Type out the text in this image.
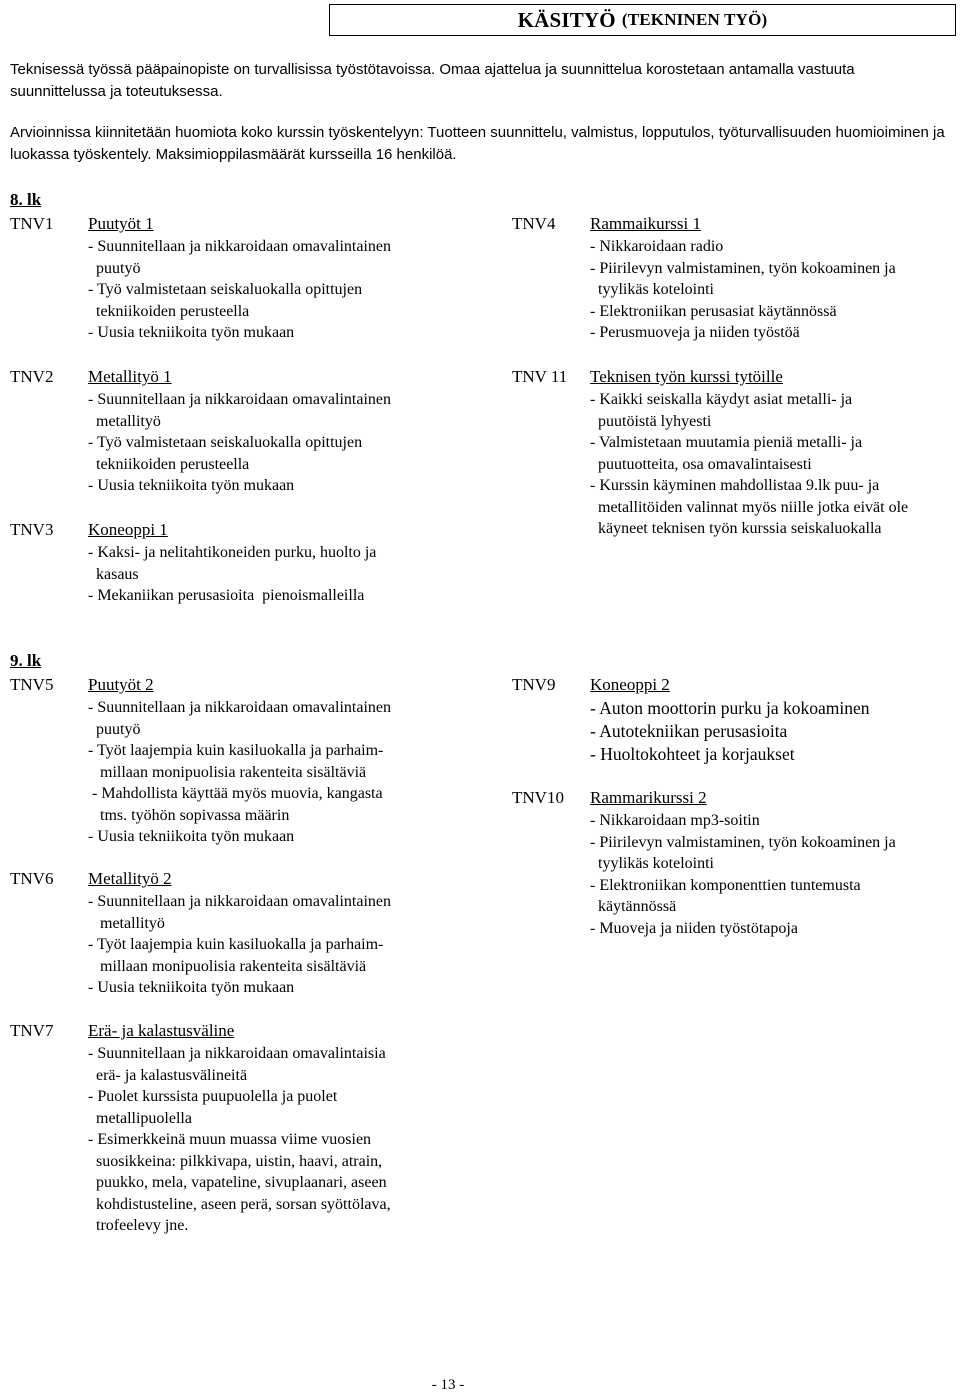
KÄSITYÖ (TEKNINEN TYÖ)
Teknisessä työssä pääpainopiste on turvallisissa työstötavoissa. Omaa ajattelua ja suunnittelua korostetaan antamalla vastuuta suunnittelussa ja toteutuksessa.
Arvioinnissa kiinnitetään huomiota koko kurssin työskentelyyn: Tuotteen suunnittelu, valmistus, lopputulos, työturvallisuuden huomioiminen ja luokassa työskentely. Maksimioppilasmäärät kursseilla 16 henkilöä.
8. lk
TNV1 Puutyöt 1
- Suunnitellaan ja nikkaroidaan omavalintainen
puutyö
- Työ valmistetaan seiskaluokalla opittujen
tekniikoiden perusteella
- Uusia tekniikoita työn mukaan
TNV4 Rammaikurssi 1
- Nikkaroidaan radio
- Piirilevyn valmistaminen, työn kokoaminen ja
tyylikäs kotelointi
- Elektroniikan perusasiat käytännössä
- Perusmuoveja ja niiden työstöä
TNV2 Metallityö 1
- Suunnitellaan ja nikkaroidaan omavalintainen
metallityö
- Työ valmistetaan seiskaluokalla opittujen
tekniikoiden perusteella
- Uusia tekniikoita työn mukaan
TNV 11 Teknisen työn kurssi tytöille
- Kaikki seiskalla käydyt asiat metalli- ja
puutöistä lyhyesti
- Valmistetaan muutamia pieniä metalli- ja
puutuotteita, osa omavalintaisesti
- Kurssin käyminen mahdollistaa 9.lk puu- ja
metallitöiden valinnat myös niille jotka eivät ole
käyneet teknisen työn kurssia seiskaluokalla
TNV3 Koneoppi 1
- Kaksi- ja nelitahtikoneiden purku, huolto ja
kasaus
- Mekaniikan perusasioita  pienoismalleilla
9. lk
TNV5 Puutyöt 2
- Suunnitellaan ja nikkaroidaan omavalintainen
puutyö
- Työt laajempia kuin kasiluokalla ja parhaim-
millaan monipuolisia rakenteita sisältäviä
- Mahdollista käyttää myös muovia, kangasta
tms. työhön sopivassa määrin
- Uusia tekniikoita työn mukaan
TNV9 Koneoppi 2
- Auton moottorin purku ja kokoaminen
- Autotekniikan perusasioita
- Huoltokohteet ja korjaukset
TNV10 Rammarikurssi 2
- Nikkaroidaan mp3-soitin
- Piirilevyn valmistaminen, työn kokoaminen ja
tyylikäs kotelointi
- Elektroniikan komponenttien tuntemusta
käytännössä
- Muoveja ja niiden työstötapoja
TNV6 Metallityö 2
- Suunnitellaan ja nikkaroidaan omavalintainen
metallityö
- Työt laajempia kuin kasiluokalla ja parhaim-
millaan monipuolisia rakenteita sisältäviä
- Uusia tekniikoita työn mukaan
TNV7 Erä- ja kalastusväline
- Suunnitellaan ja nikkaroidaan omavalintaisia
erä- ja kalastusvälineitä
- Puolet kurssista puupuolella ja puolet
metallipuolella
- Esimerkkeinä muun muassa viime vuosien
suosikkeina: pilkkivapa, uistin, haavi, atrain,
puukko, mela, vapateline, sivuplaanari, aseen
kohdistusteline, aseen perä, sorsan syöttölava,
trofeelevy jne.
- 13 -
